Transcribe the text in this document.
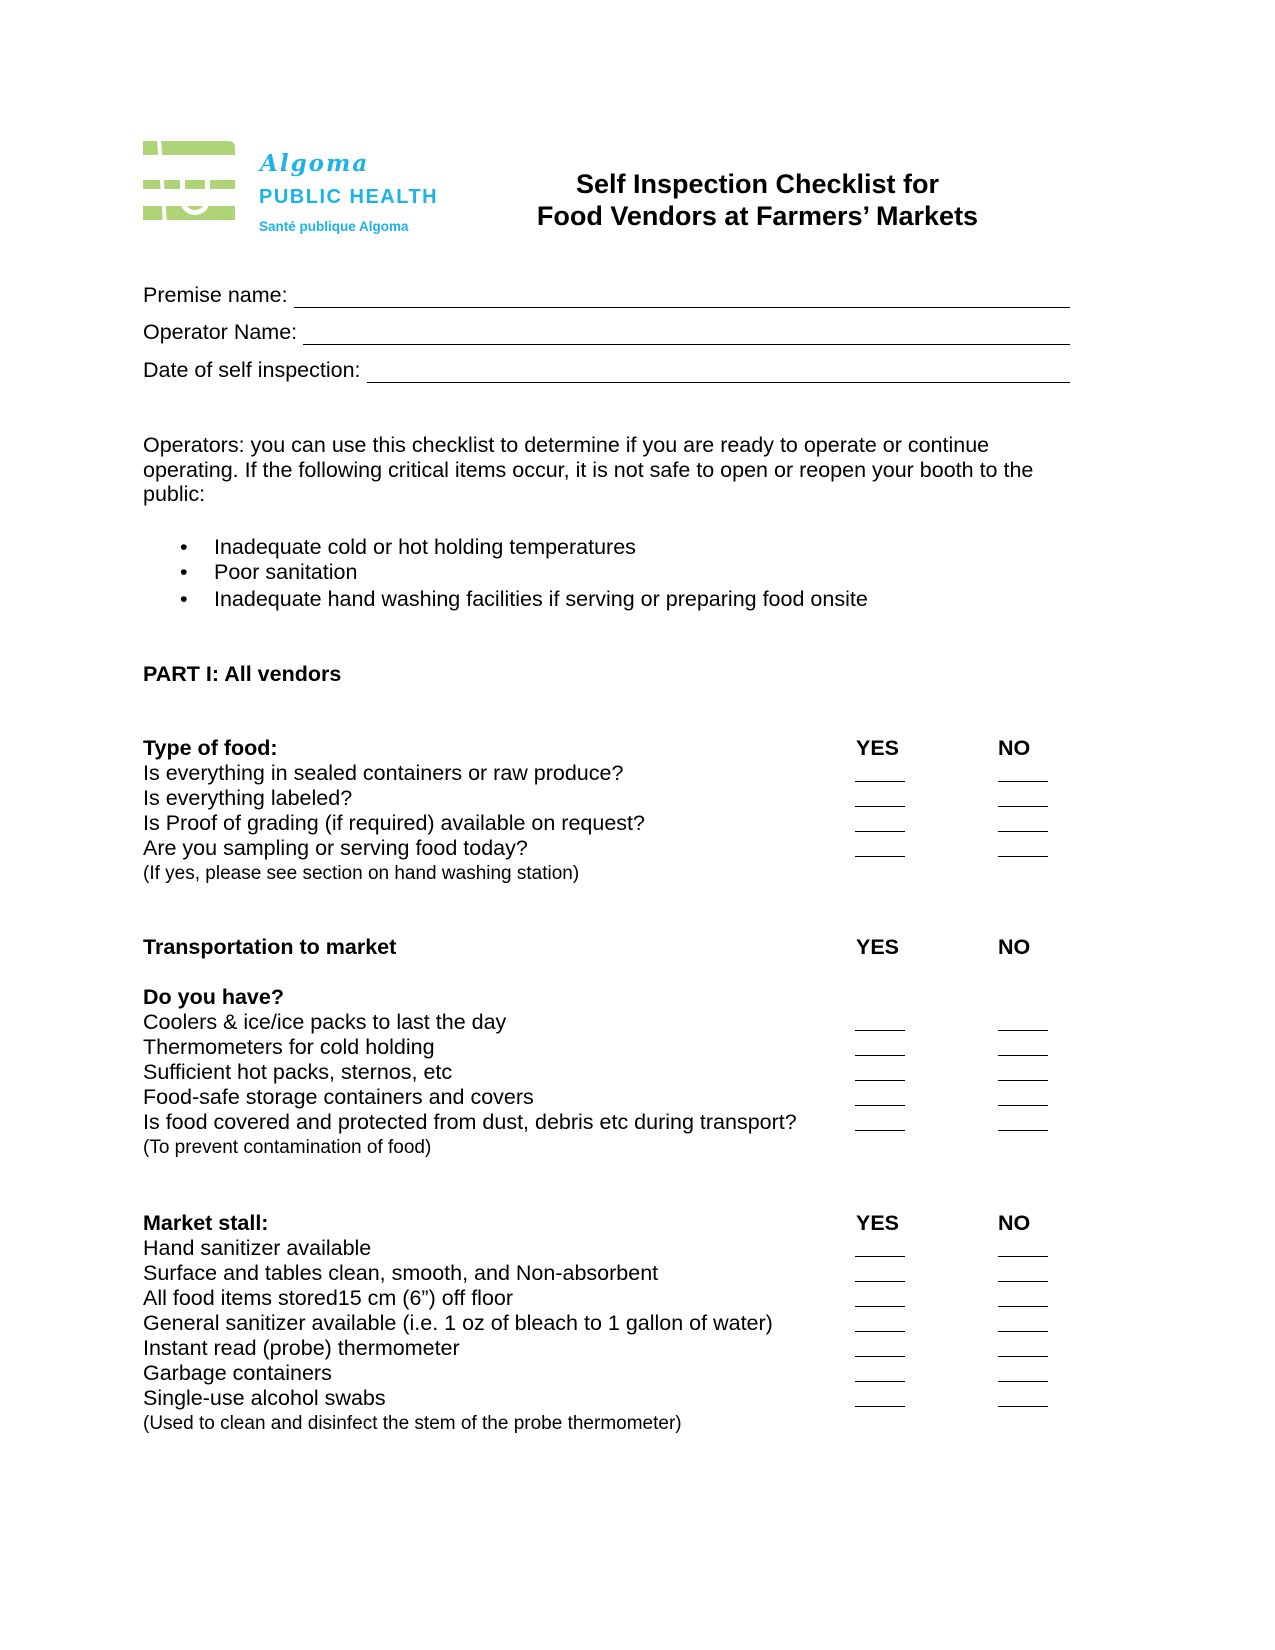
Algoma
PUBLIC HEALTH
Santé publique Algoma
Self Inspection Checklist for
Food Vendors at Farmers’ Markets
Premise name:
Operator Name:
Date of self inspection:
Operators: you can use this checklist to determine if you are ready to operate or continue operating. If the following critical items occur, it is not safe to open or reopen your booth to the public:
• Inadequate cold or hot holding temperatures
• Poor sanitation
• Inadequate hand washing facilities if serving or preparing food onsite
PART I: All vendors
Type of food:	YES	NO
Is everything in sealed containers or raw produce?
Is everything labeled?
Is Proof of grading (if required) available on request?
Are you sampling or serving food today?
(If yes, please see section on hand washing station)
Transportation to market	YES	NO
Do you have?
Coolers & ice/ice packs to last the day
Thermometers for cold holding
Sufficient hot packs, sternos, etc
Food-safe storage containers and covers
Is food covered and protected from dust, debris etc during transport?
(To prevent contamination of food)
Market stall:	YES	NO
Hand sanitizer available
Surface and tables clean, smooth, and Non-absorbent
All food items stored15 cm (6”) off floor
General sanitizer available (i.e. 1 oz of bleach to 1 gallon of water)
Instant read (probe) thermometer
Garbage containers
Single-use alcohol swabs
(Used to clean and disinfect the stem of the probe thermometer)
